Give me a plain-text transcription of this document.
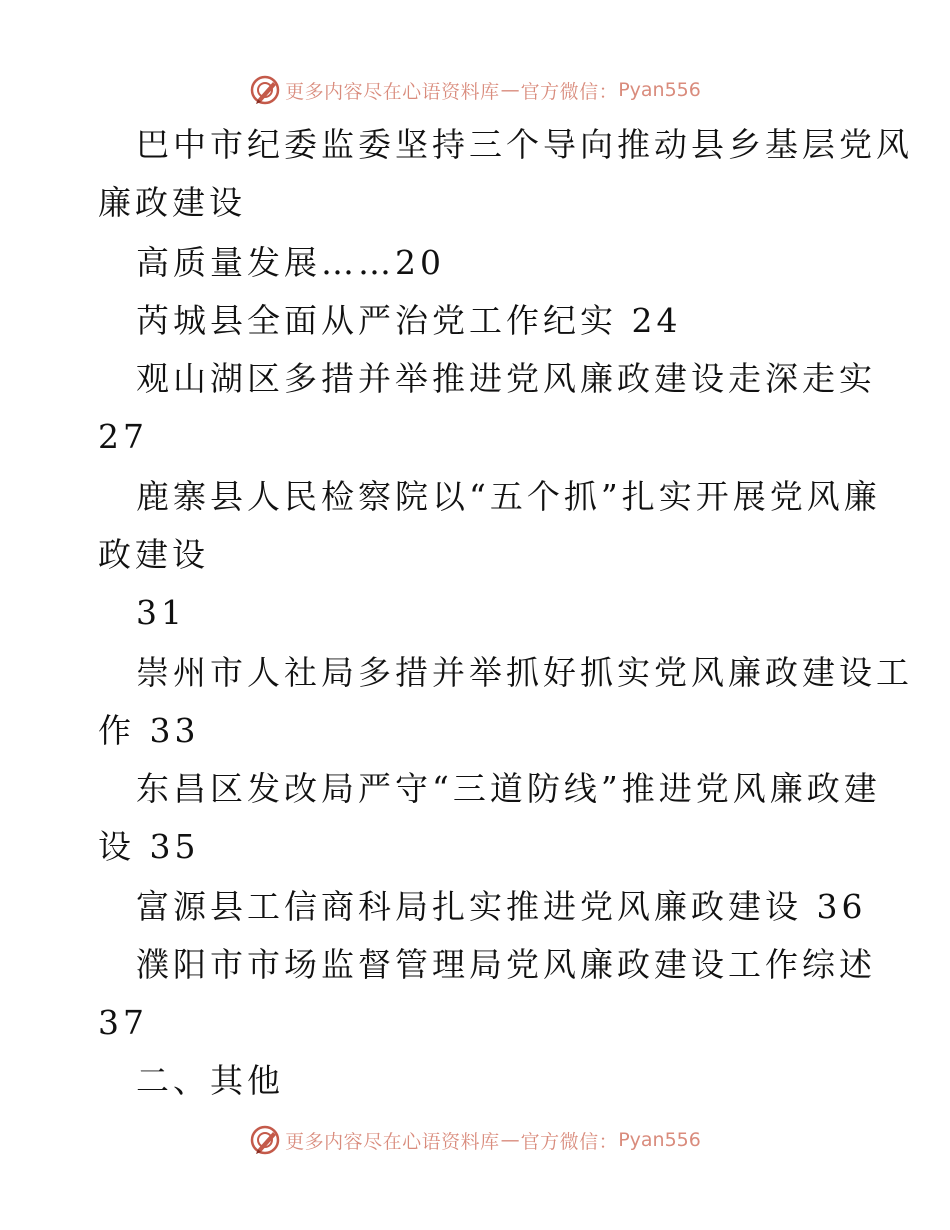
更多内容尽在心语资料库 — 官方微信： Pyan556
巴中市纪委监委坚持三个导向推动县乡基层党风
廉政建设
高质量发展……20
芮城县全面从严治党工作纪实 24
观山湖区多措并举推进党风廉政建设走深走实
27
鹿寨县人民检察院以“五个抓”扎实开展党风廉
政建设
31
崇州市人社局多措并举抓好抓实党风廉政建设工
作 33
东昌区发改局严守“三道防线”推进党风廉政建
设 35
富源县工信商科局扎实推进党风廉政建设 36
濮阳市市场监督管理局党风廉政建设工作综述
37
二、其他
更多内容尽在心语资料库 — 官方微信： Pyan556
